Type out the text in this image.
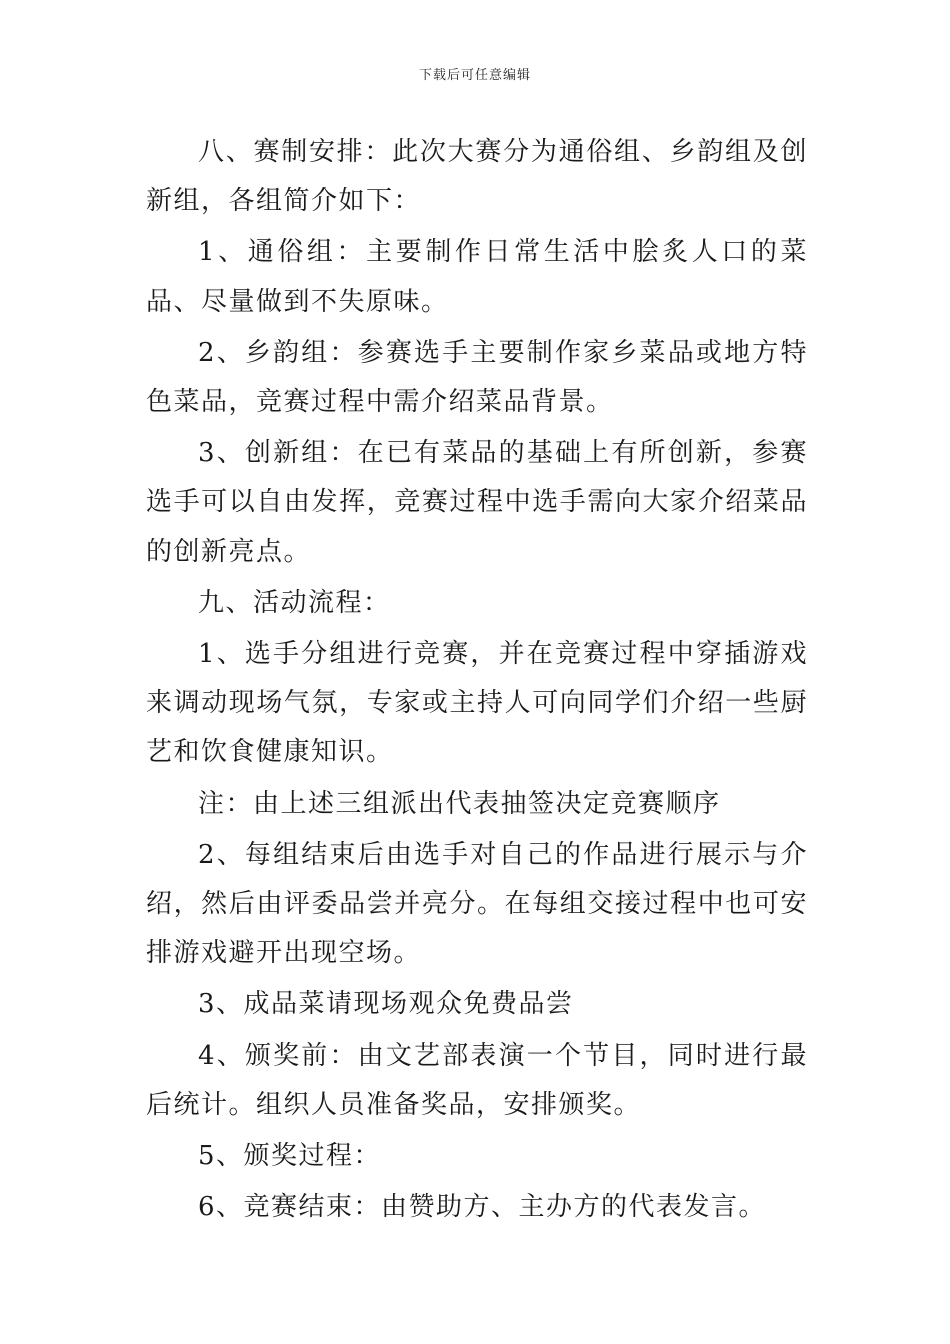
下载后可任意编辑

八、赛制安排：此次大赛分为通俗组、乡韵组及创新组，各组简介如下：

1、通俗组：主要制作日常生活中脍炙人口的菜品、尽量做到不失原味。

2、乡韵组：参赛选手主要制作家乡菜品或地方特色菜品，竞赛过程中需介绍菜品背景。

3、创新组：在已有菜品的基础上有所创新，参赛选手可以自由发挥，竞赛过程中选手需向大家介绍菜品的创新亮点。

九、活动流程：

1、选手分组进行竞赛，并在竞赛过程中穿插游戏来调动现场气氛，专家或主持人可向同学们介绍一些厨艺和饮食健康知识。

注：由上述三组派出代表抽签决定竞赛顺序

2、每组结束后由选手对自己的作品进行展示与介绍，然后由评委品尝并亮分。在每组交接过程中也可安排游戏避开出现空场。

3、成品菜请现场观众免费品尝

4、颁奖前：由文艺部表演一个节目，同时进行最后统计。组织人员准备奖品，安排颁奖。

5、颁奖过程：

6、竞赛结束：由赞助方、主办方的代表发言。
